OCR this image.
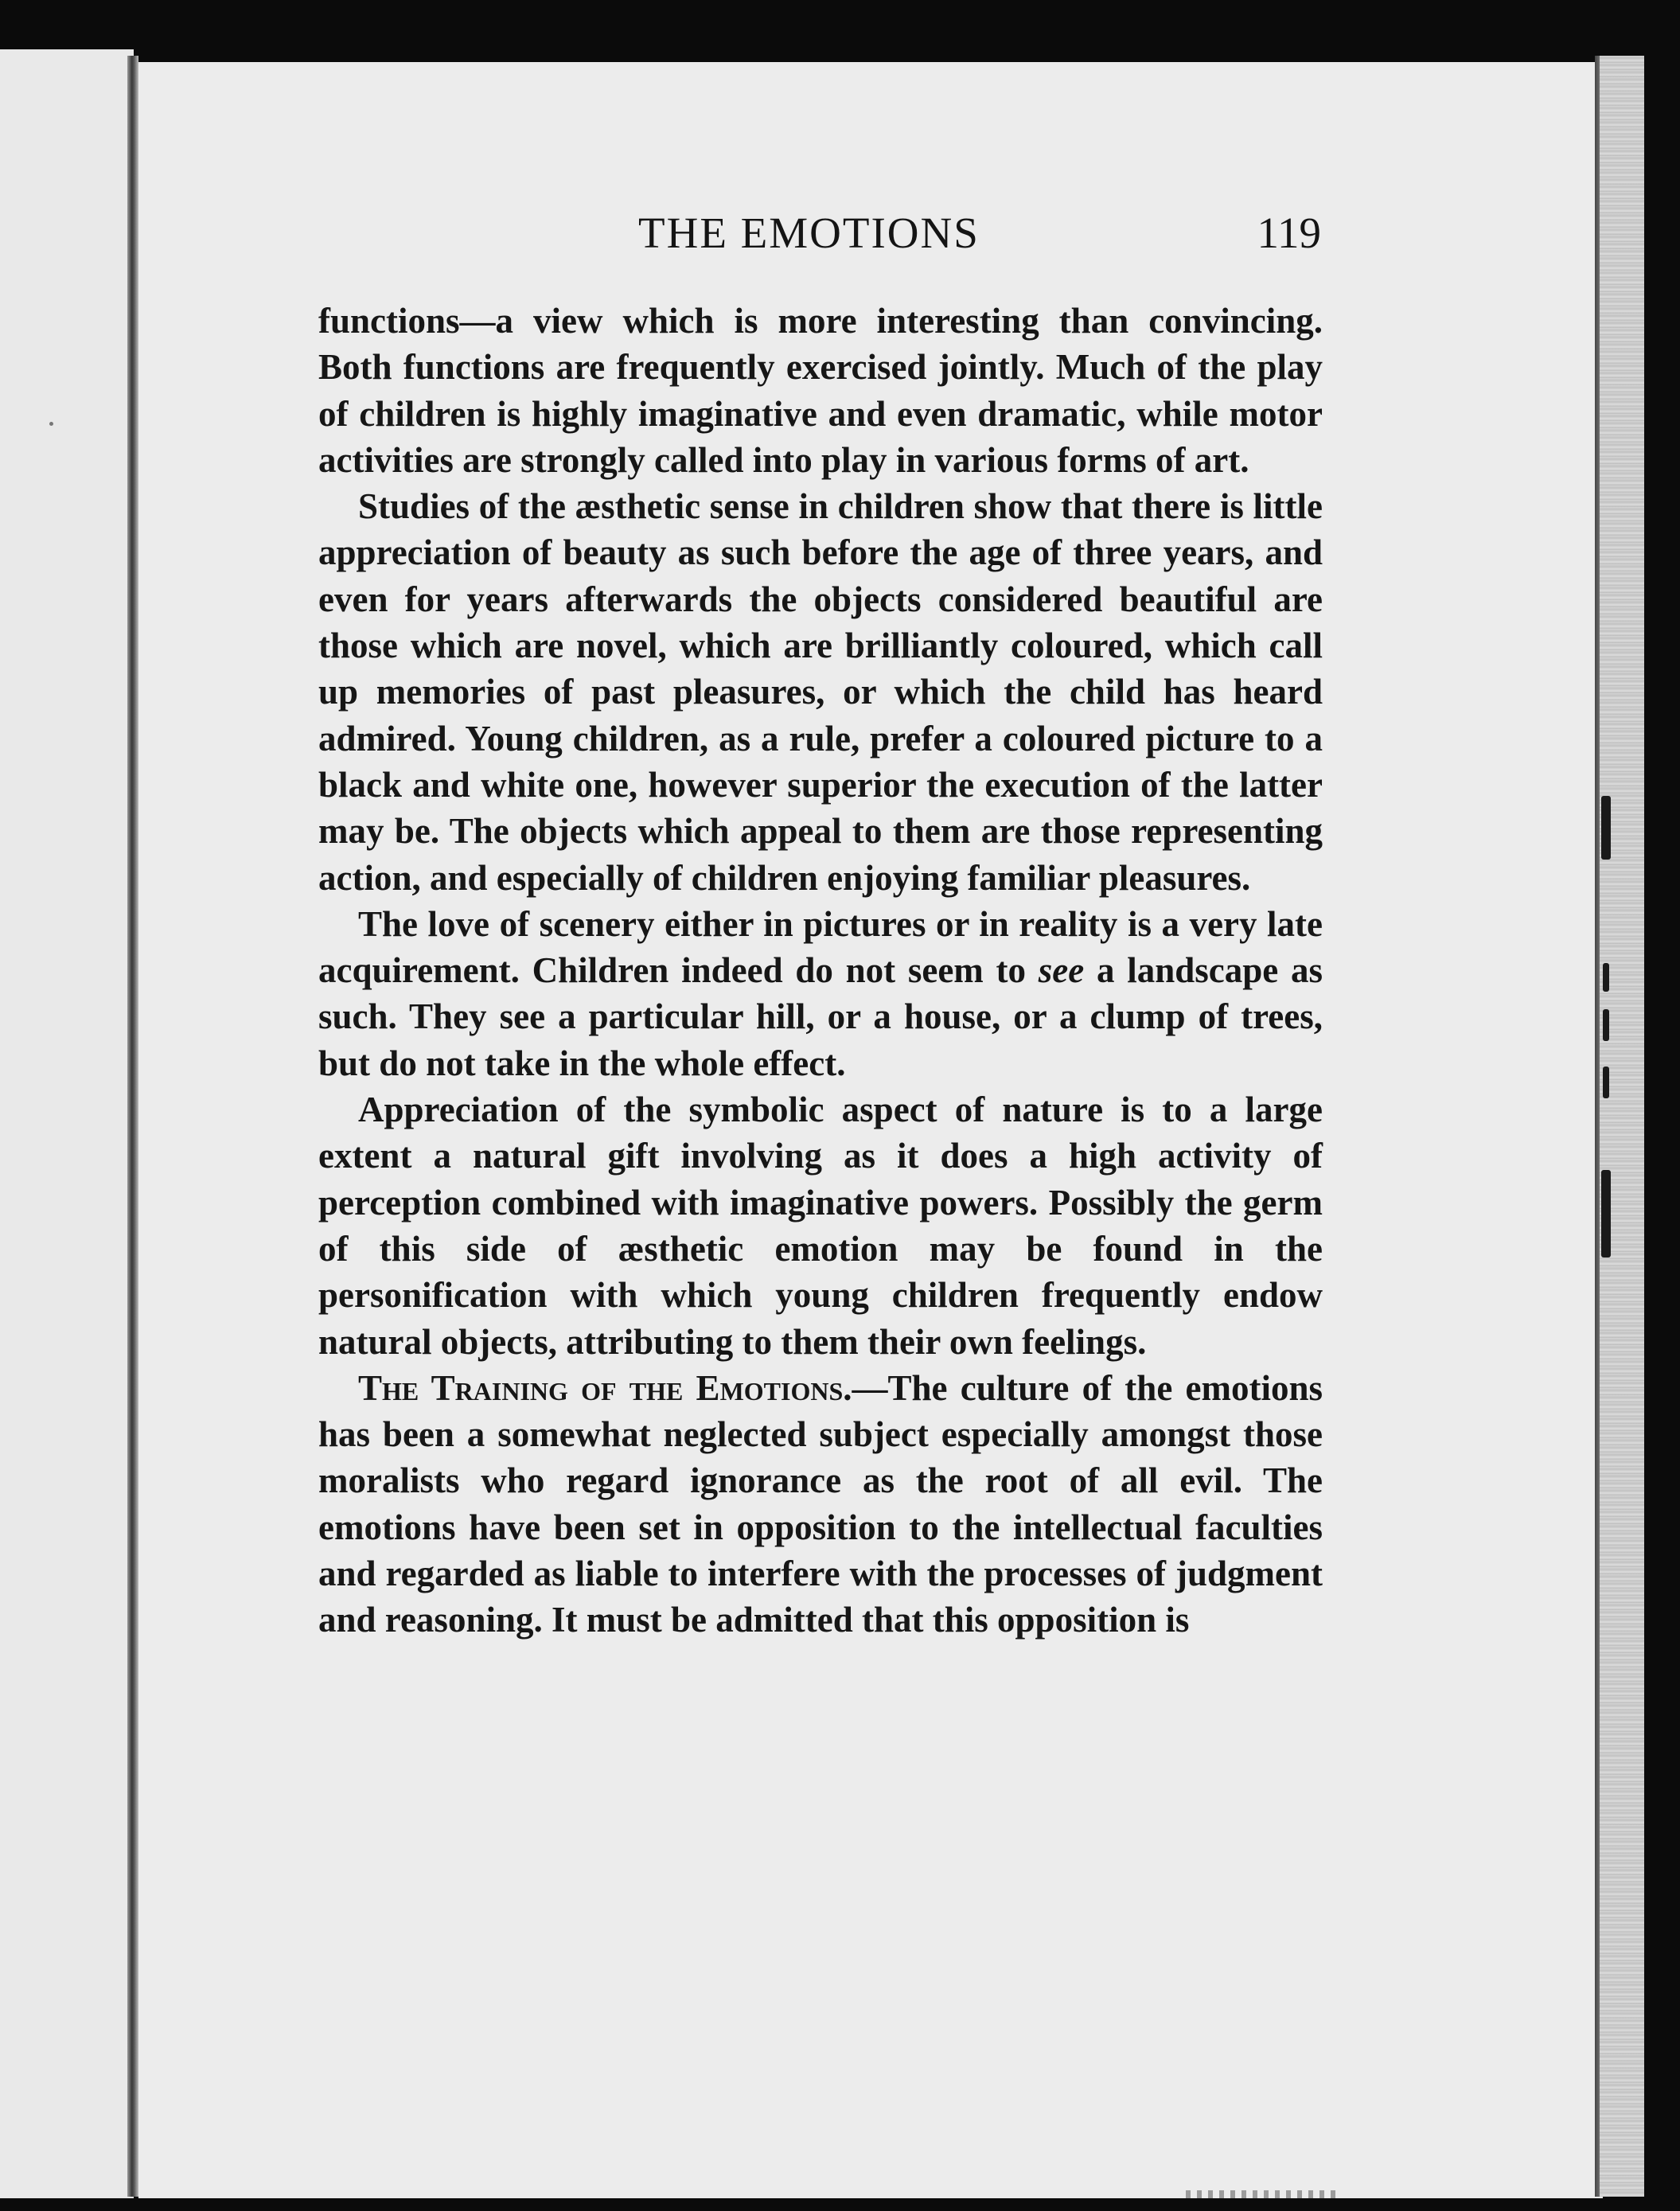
THE EMOTIONS	119

functions—a view which is more interesting than convincing. Both functions are frequently exercised jointly. Much of the play of children is highly imaginative and even dramatic, while motor activities are strongly called into play in various forms of art.

Studies of the æsthetic sense in children show that there is little appreciation of beauty as such before the age of three years, and even for years afterwards the objects considered beautiful are those which are novel, which are brilliantly coloured, which call up memories of past pleasures, or which the child has heard admired. Young children, as a rule, prefer a coloured picture to a black and white one, however superior the execution of the latter may be. The objects which appeal to them are those representing action, and especially of children enjoying familiar pleasures.

The love of scenery either in pictures or in reality is a very late acquirement. Children indeed do not seem to see a landscape as such. They see a particular hill, or a house, or a clump of trees, but do not take in the whole effect.

Appreciation of the symbolic aspect of nature is to a large extent a natural gift involving as it does a high activity of perception combined with imaginative powers. Possibly the germ of this side of æsthetic emotion may be found in the personification with which young children frequently endow natural objects, attributing to them their own feelings.

The Training of the Emotions.—The culture of the emotions has been a somewhat neglected subject especially amongst those moralists who regard ignorance as the root of all evil. The emotions have been set in opposition to the intellectual faculties and regarded as liable to interfere with the processes of judgment and reasoning. It must be admitted that this opposition is
